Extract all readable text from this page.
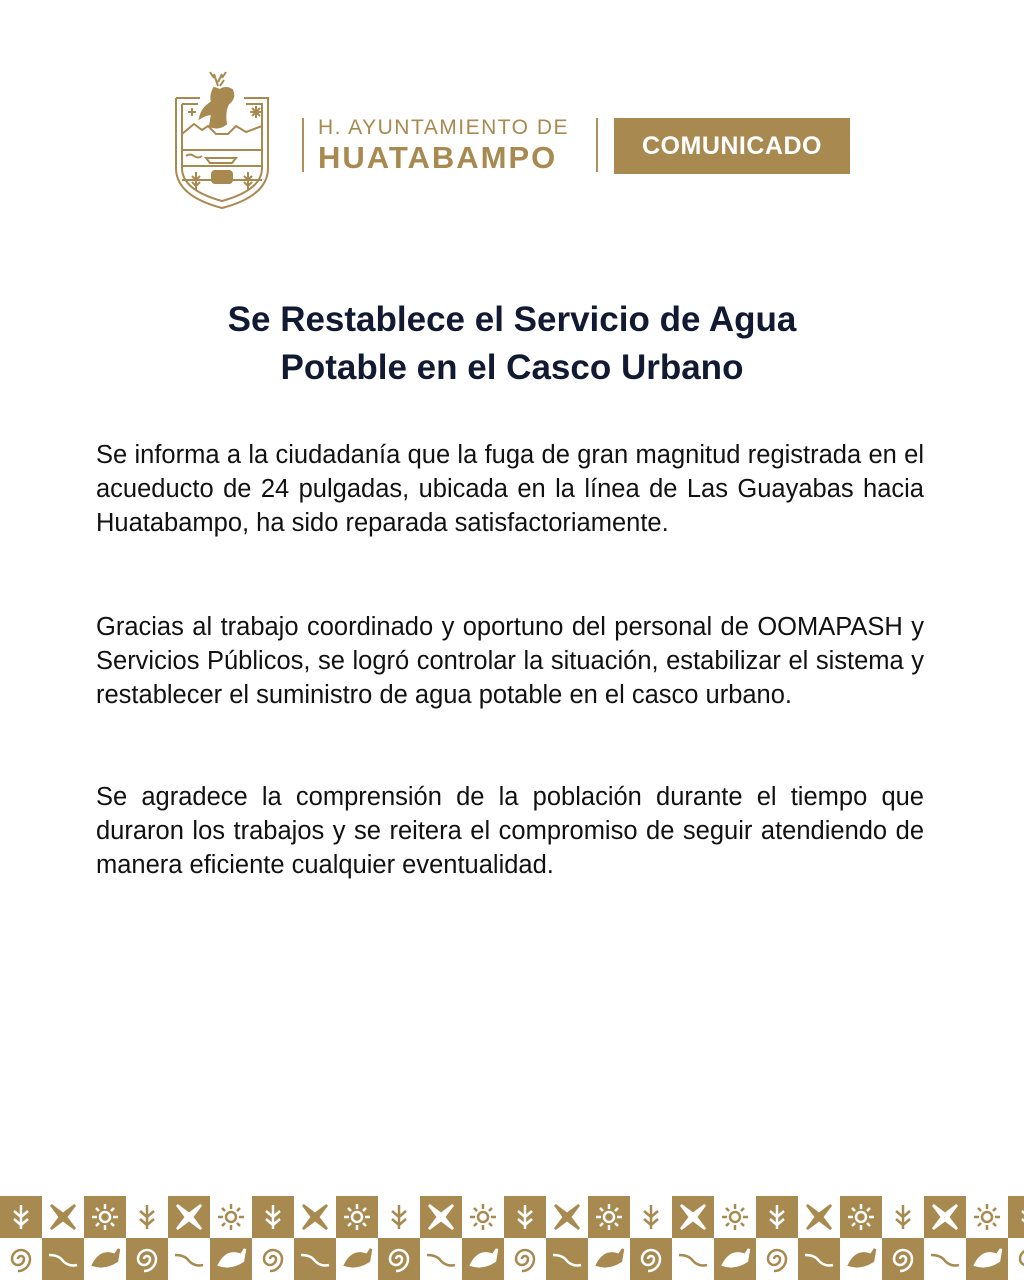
H. AYUNTAMIENTO DE
HUATABAMPO	COMUNICADO
Se Restablece el Servicio de Agua
Potable en el Casco Urbano

Se informa a la ciudadanía que la fuga de gran magnitud registrada en el acueducto de 24 pulgadas, ubicada en la línea de Las Guayabas hacia Huatabampo, ha sido reparada satisfactoriamente.

Gracias al trabajo coordinado y oportuno del personal de OOMAPASH y Servicios Públicos, se logró controlar la situación, estabilizar el sistema y restablecer el suministro de agua potable en el casco urbano.

Se agradece la comprensión de la población durante el tiempo que duraron los trabajos y se reitera el compromiso de seguir atendiendo de manera eficiente cualquier eventualidad.
